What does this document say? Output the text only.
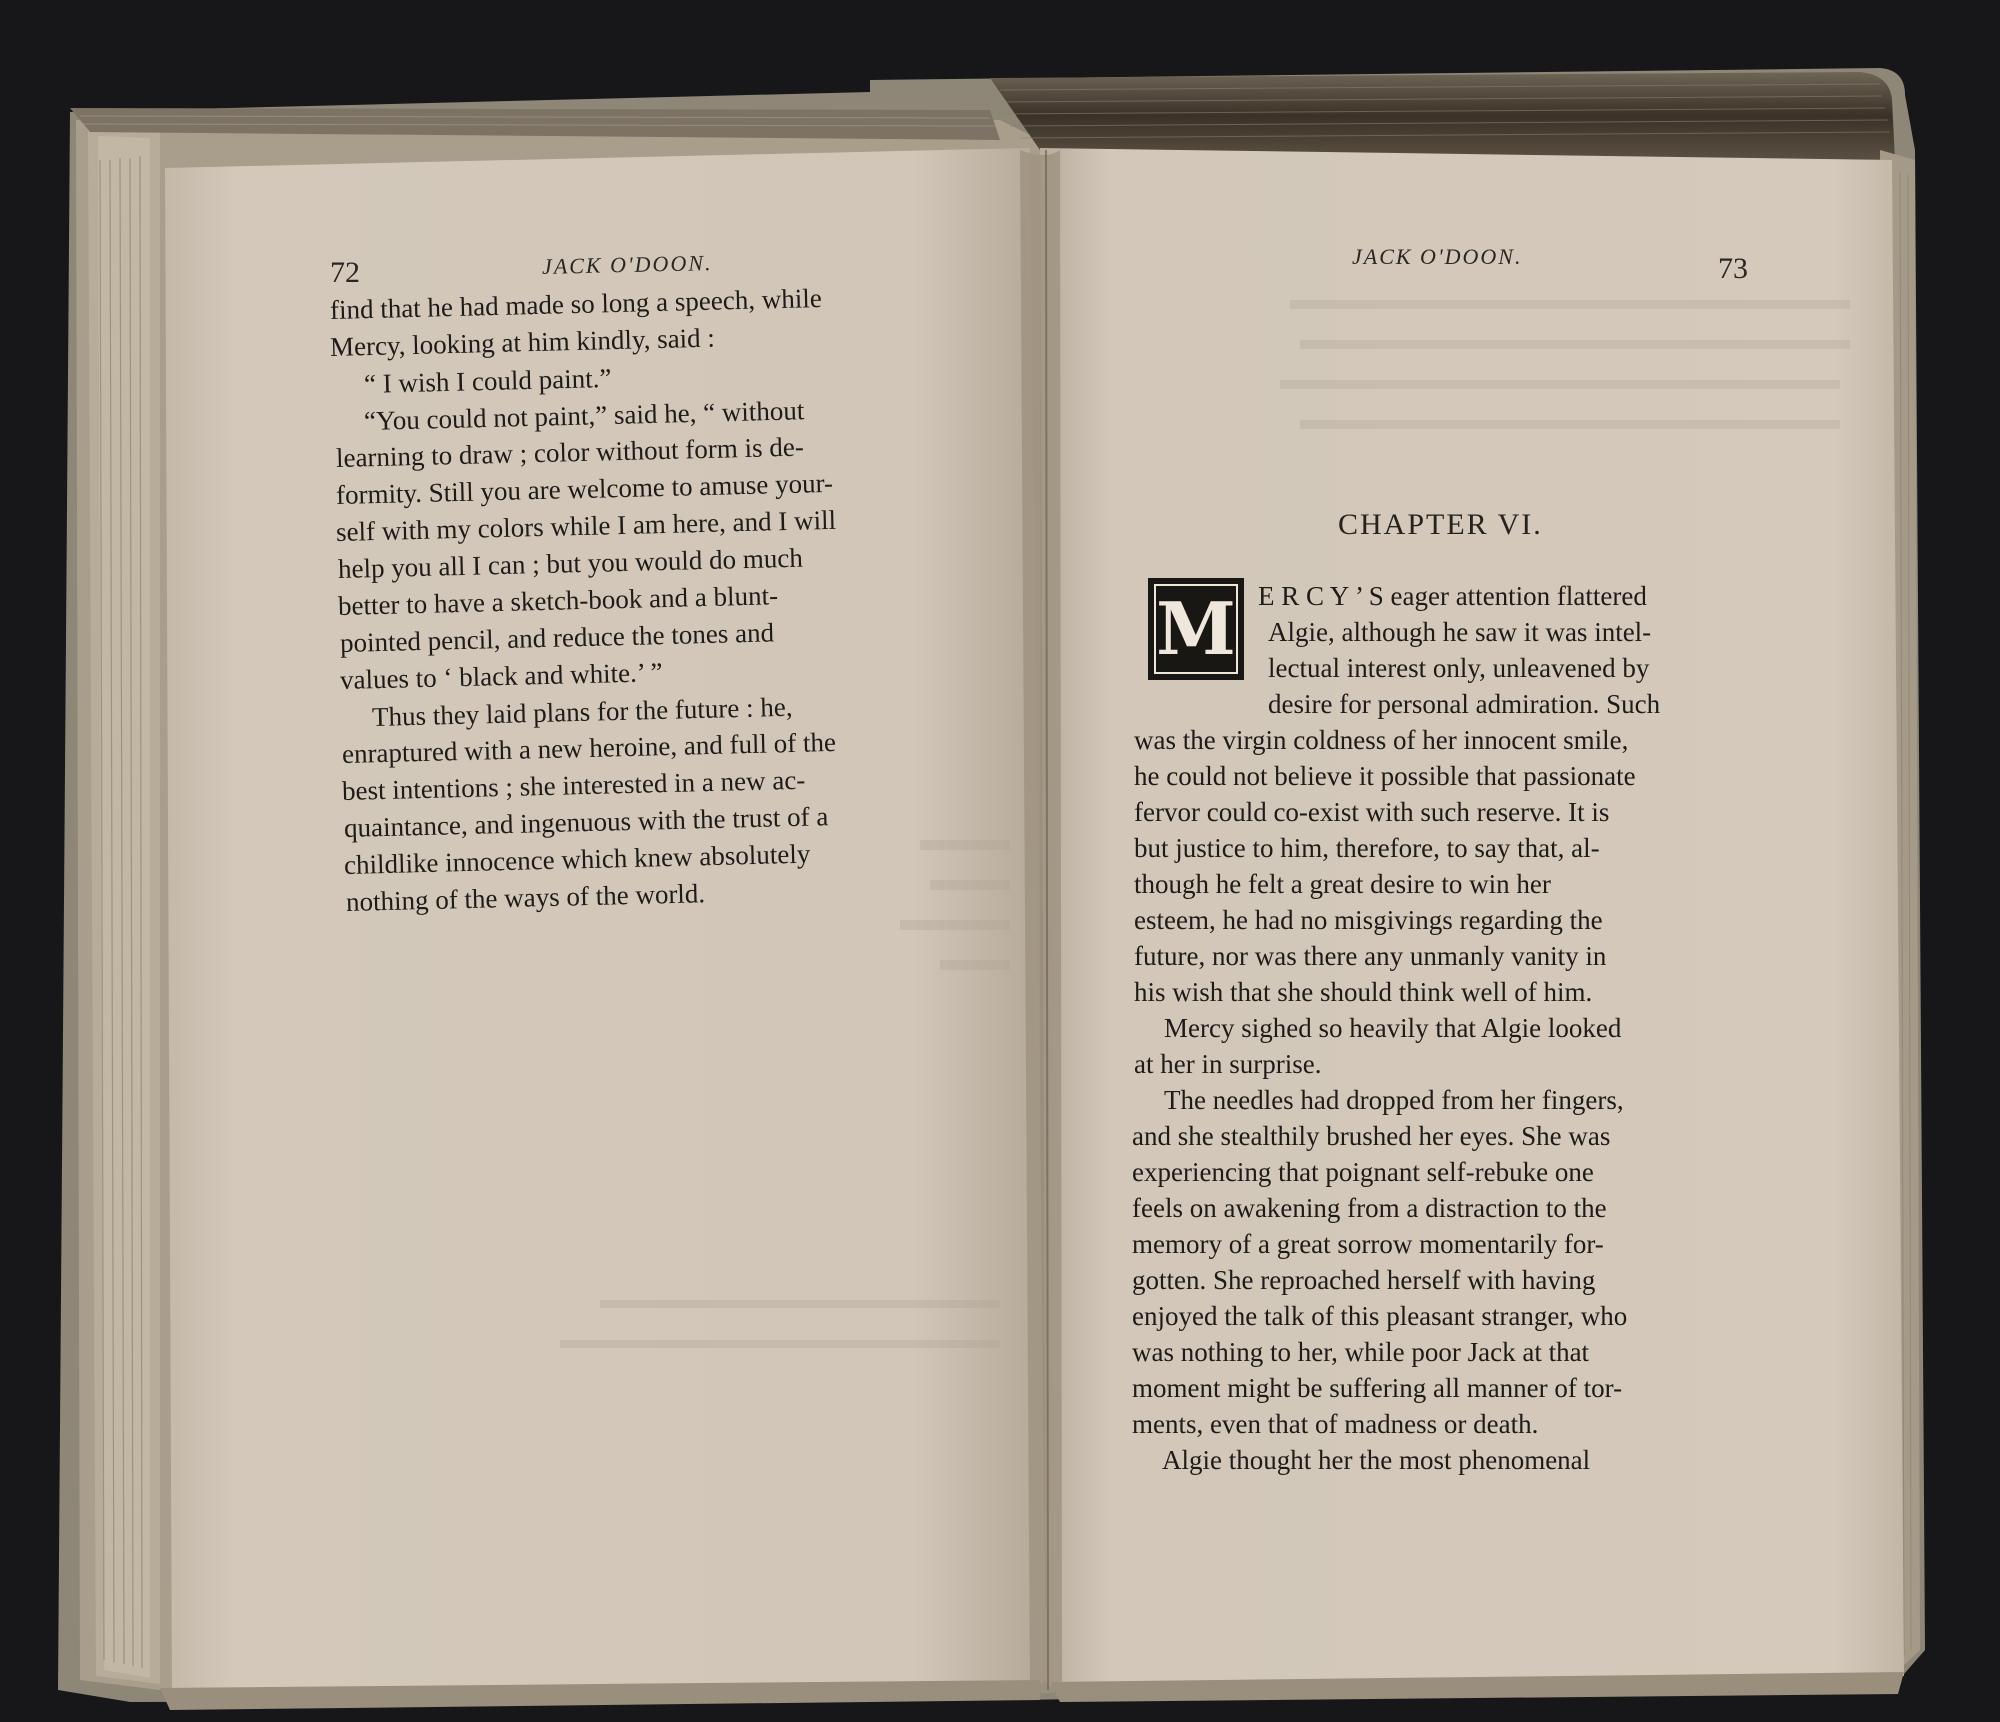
72	JACK O'DOON.
find that he had made so long a speech, while
Mercy, looking at him kindly, said :
“ I wish I could paint.”
“You could not paint,” said he, “ without
learning to draw ; color without form is de-
formity. Still you are welcome to amuse your-
self with my colors while I am here, and I will
help you all I can ; but you would do much
better to have a sketch-book and a blunt-
pointed pencil, and reduce the tones and
values to ‘ black and white.’ ”
Thus they laid plans for the future : he,
enraptured with a new heroine, and full of the
best intentions ; she interested in a new ac-
quaintance, and ingenuous with the trust of a
childlike innocence which knew absolutely
nothing of the ways of the world.
JACK O'DOON.	73
CHAPTER VI.
M E R C Y ’ S eager attention flattered
Algie, although he saw it was intel-
lectual interest only, unleavened by
desire for personal admiration. Such
was the virgin coldness of her innocent smile,
he could not believe it possible that passionate
fervor could co-exist with such reserve. It is
but justice to him, therefore, to say that, al-
though he felt a great desire to win her
esteem, he had no misgivings regarding the
future, nor was there any unmanly vanity in
his wish that she should think well of him.
Mercy sighed so heavily that Algie looked
at her in surprise.
The needles had dropped from her fingers,
and she stealthily brushed her eyes. She was
experiencing that poignant self-rebuke one
feels on awakening from a distraction to the
memory of a great sorrow momentarily for-
gotten. She reproached herself with having
enjoyed the talk of this pleasant stranger, who
was nothing to her, while poor Jack at that
moment might be suffering all manner of tor-
ments, even that of madness or death.
Algie thought her the most phenomenal
